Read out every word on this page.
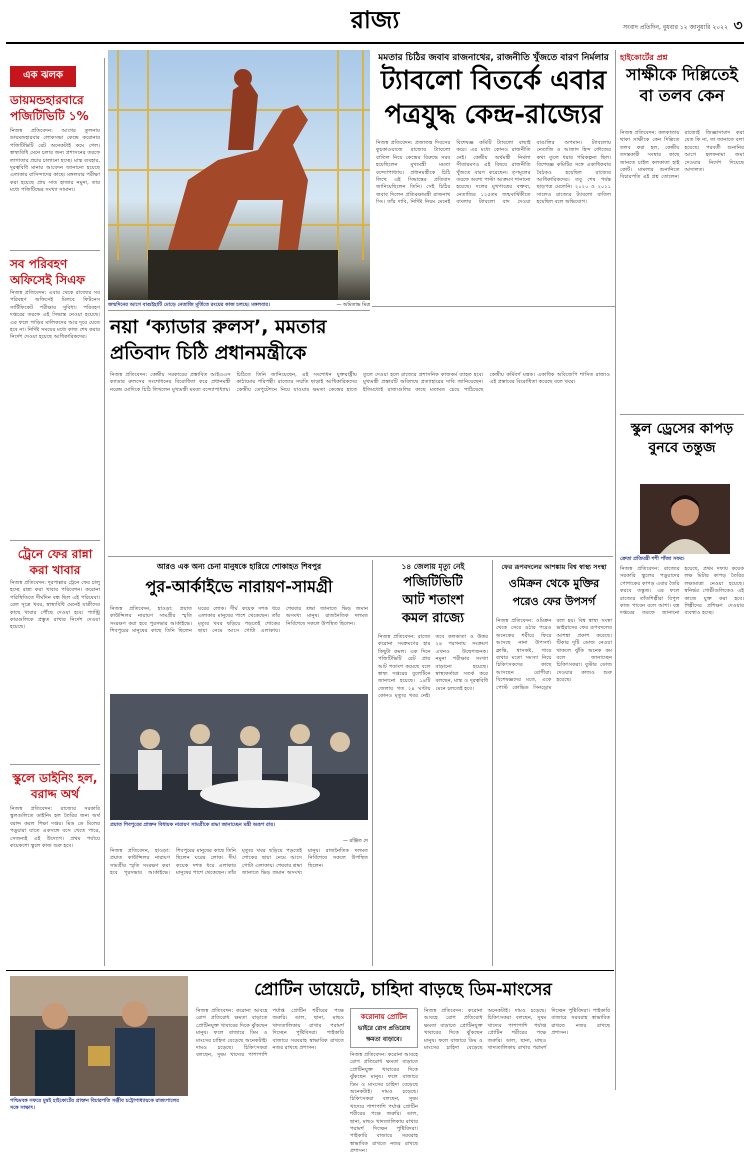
রাজ্য	সংবাদ প্রতিদিন, বুধবার ১২ জানুয়ারি ২০২২ ৩
এক ঝলক
ডায়মন্ডহারবারে পজিটিভিটি ১%
নিজস্ব প্রতিবেদন: আগের তুলনায় ডায়মন্ডহারবার লোকসভা কেন্দ্রে করোনার পজিটিভিটি রেট অনেকটাই কমে গেল। স্বাস্থ্যবিধি মেনে চলার জন্য প্রশাসনের তরফে লাগাতার প্রচার চালানো হচ্ছে। মাস্ক ব্যবহার, দূরত্ববিধি মানার আবেদন জানানো হয়েছে এলাকার বাসিন্দাদের কাছে। মঙ্গলবার পরীক্ষা করা হয়েছে প্রায় সাত হাজার নমুনা, তার মধ্যে পজিটিভের সংখ্যা সামান্য।
সব পরিবহণ অফিসেই সিএফ
নিজস্ব প্রতিবেদন: এবার থেকে রাজ্যের সব পরিবহণ অফিসেই মিলবে ফিটনেস সার্টিফিকেট পরীক্ষার সুবিধা। পরিবহণ দপ্তরের তরফে এই সিদ্ধান্ত নেওয়া হয়েছে। এর ফলে গাড়ির মালিকদের আর দূরে যেতে হবে না। নির্দিষ্ট সময়ের মধ্যে কাজ শেষ করার নির্দেশ দেওয়া হয়েছে আধিকারিকদের।
ট্রেনে ফের রান্না করা খাবার
নিজস্ব প্রতিবেদন: দূরপাল্লার ট্রেনে ফের চালু হচ্ছে রান্না করা খাবার পরিবেশন। করোনা পরিস্থিতিতে দীর্ঘদিন বন্ধ ছিল এই পরিষেবা। রেল সূত্রে খবর, স্বাস্থ্যবিধি মেনেই যাত্রীদের কাছে খাবার পৌঁছে দেওয়া হবে। প্যান্ট্রি কারগুলিকে প্রস্তুত রাখার নির্দেশ দেওয়া হয়েছে।
স্কুলে ডাইনিং হল, বরাদ্দ অর্থ
নিজস্ব প্রতিবেদন: রাজ্যের সরকারি স্কুলগুলিতে ডাইনিং হল তৈরির জন্য অর্থ বরাদ্দ করল শিক্ষা দপ্তর। মিড ডে মিলের পড়ুয়ারা যাতে একসঙ্গে বসে খেতে পারে, সেজন্যই এই উদ্যোগ। প্রথম পর্যায়ে কয়েকশো স্কুলে কাজ শুরু হবে।
জন্মদিনের আগে বাগুইহাটি মোড়ে নেতাজি মূর্তিতে রংয়ের কাজ চলছে। মঙ্গলবার।	— অমিতাভ মিত্র
মমতার চিঠির জবাব রাজনাথের, রাজনীতি খুঁজতে বারণ নির্মলার
ট্যাবলো বিতর্কে এবার
পত্রযুদ্ধ কেন্দ্র-রাজ্যের
নিজস্ব প্রতিবেদন: প্রজাতন্ত্র দিবসের কুচকাওয়াজে রাজ্যের ট্যাবলো বাতিল নিয়ে কেন্দ্রের বিরুদ্ধে সরব হয়েছিলেন মুখ্যমন্ত্রী মমতা বন্দ্যোপাধ্যায়। প্রধানমন্ত্রীকে চিঠি লিখে এই সিদ্ধান্তের প্রতিবাদ জানিয়েছিলেন তিনি। সেই চিঠির জবাব দিলেন প্রতিরক্ষামন্ত্রী রাজনাথ সিং। তাঁর দাবি, নির্দিষ্ট নিয়ম মেনেই বিশেষজ্ঞ কমিটি ট্যাবলো বাছাই করে। এর মধ্যে কোনও রাজনীতি নেই। কেন্দ্রীয় অর্থমন্ত্রী নির্মলা সীতারমণও এই বিষয়ে রাজনীতি খুঁজতে বারণ করেছেন। তৃণমূলের তরফে অবশ্য পাল্টা আক্রমণ শানানো হয়েছে। দলের মুখপাত্রের বক্তব্য, নেতাজির ১২৫তম জন্মবার্ষিকীতে বাংলার ট্যাবলো বাদ দেওয়া বাঙালির অপমান। ট্যাবলোয় নেতাজি ও আজাদ হিন্দ ফৌজের কথা তুলে ধরার পরিকল্পনা ছিল। বিশেষজ্ঞ কমিটির সঙ্গে একাধিকবার বৈঠকও হয়েছিল রাজ্যের আধিকারিকদের। তবু শেষ পর্যন্ত ছাড়পত্র মেলেনি। ২০২০ ও ২০২১ সালেও রাজ্যের ট্যাবলো বাতিল হয়েছিল বলে অভিযোগ।
হাইকোর্টের প্রশ্ন
সাক্ষীকে দিল্লিতেই বা তলব কেন
নিজস্ব প্রতিবেদন: কলকাতায় থাকা সাক্ষীকে কেন দিল্লিতে তলব করা হল, কেন্দ্রীয় তদন্তকারী সংস্থার কাছে জানতে চাইল কলকাতা হাই কোর্ট। মামলার শুনানিতে বিচারপতি এই প্রশ্ন তোলেন। রাজ্যেই জিজ্ঞাসাবাদ করা যেত কি না, তা জানাতে বলা হয়েছে। পরবর্তী শুনানির আগে হলফনামা জমা দেওয়ার নির্দেশ দিয়েছে আদালত।
স্কুল ড্রেসের কাপড় বুনবে তন্তুজ
ক্রেতা প্রতিমন্ত্রী শশী পাঁজা সফর।
নিজস্ব প্রতিবেদন: রাজ্যের সরকারি স্কুলের পড়ুয়াদের পোশাকের কাপড় এবার তৈরি করবে তন্তুজ। এর ফলে রাজ্যের তাঁতশিল্পীরা বিপুল কাজ পাবেন বলে আশা। বস্ত্র দপ্তরের তরফে জানানো হয়েছে, প্রথম দফায় কয়েক লক্ষ মিটার কাপড় তৈরির লক্ষ্যমাত্রা নেওয়া হয়েছে। স্বনির্ভর গোষ্ঠীগুলিকেও এই কাজে যুক্ত করা হবে। শিল্পীদের প্রশিক্ষণ দেওয়ার ব্যবস্থাও হচ্ছে।
নয়া ‘ক্যাডার রুলস’, মমতার
প্রতিবাদ চিঠি প্রধানমন্ত্রীকে
নিজস্ব প্রতিবেদন: কেন্দ্রীয় সরকারের প্রস্তাবিত আইএএস ক্যাডার রুলসের সংশোধনের বিরোধিতা করে প্রধানমন্ত্রী নরেন্দ্র মোদিকে চিঠি লিখলেন মুখ্যমন্ত্রী মমতা বন্দ্যোপাধ্যায়। চিঠিতে তিনি জানিয়েছেন, এই সংশোধন যুক্তরাষ্ট্রীয় কাঠামোর পরিপন্থী। রাজ্যের সম্মতি ছাড়াই আধিকারিকদের কেন্দ্রীয় ডেপুটেশনে নিয়ে যাওয়ার ক্ষমতা কেন্দ্রের হাতে তুলে দেওয়া হলে রাজ্যের প্রশাসনিক কাজকর্ম ব্যাহত হবে। মুখ্যমন্ত্রী প্রস্তাবটি অবিলম্বে প্রত্যাহারের দাবি জানিয়েছেন। ইতিমধ্যেই রাজ্যগুলির কাছে মতামত চেয়ে পাঠিয়েছে কেন্দ্রীয় কর্মিবর্গ মন্ত্রক। একাধিক অবিজেপি শাসিত রাজ্যও এই প্রস্তাবের বিরোধিতা করেছে বলে খবর।
আরও এক অন্য চেনা মানুষকে হারিয়ে শোকাহত শিবপুর
পুর-আর্কাইভে নারায়ণ-সামগ্রী
নিজস্ব প্রতিবেদন, হাওড়া: প্রয়াত কাউন্সিলর নারায়ণ সামগ্রীর স্মৃতি সংরক্ষণ করা হবে পুরসভার আর্কাইভে। শিবপুরের মানুষের কাছে তিনি ছিলেন ঘরের লোক। দীর্ঘ কয়েক দশক ধরে এলাকার মানুষের পাশে থেকেছেন। তাঁর মৃত্যুর খবর ছড়িয়ে পড়তেই শোকের ছায়া নেমে আসে গোটা এলাকায়। শেষবার শ্রদ্ধা জানাতে ভিড় জমান অসংখ্য মানুষ। রাজনৈতিক দলমত নির্বিশেষে সকলে উপস্থিত ছিলেন।
প্রয়াত শিবপুরের প্রাক্তন বিধায়ক নারায়ণ সামগ্রীকে শ্রদ্ধা জানাচ্ছেন মন্ত্রী অরূপ রায়।
— রঞ্জিত দে
নিজস্ব প্রতিবেদন, হাওড়া: প্রয়াত কাউন্সিলর নারায়ণ সামগ্রীর স্মৃতি সংরক্ষণ করা হবে পুরসভার আর্কাইভে। শিবপুরের মানুষের কাছে তিনি ছিলেন ঘরের লোক। দীর্ঘ কয়েক দশক ধরে এলাকার মানুষের পাশে থেকেছেন। তাঁর মৃত্যুর খবর ছড়িয়ে পড়তেই শোকের ছায়া নেমে আসে গোটা এলাকায়। শেষবার শ্রদ্ধা জানাতে ভিড় জমান অসংখ্য মানুষ। রাজনৈতিক দলমত নির্বিশেষে সকলে উপস্থিত ছিলেন।
১৪ জেলায় মৃত্যু নেই
পজিটিভিটি
আট শতাংশ
কমল রাজ্যে
নিজস্ব প্রতিবেদন: রাজ্যে করোনা সংক্রমণের হার কিছুটা কমল। এক দিনে পজিটিভিটি রেট প্রায় আট শতাংশ কমেছে বলে স্বাস্থ্য দপ্তরের বুলেটিনে জানানো হয়েছে। ১৪টি জেলায় গত ২৪ ঘণ্টায় কোনও মৃত্যুর খবর নেই। তবে কলকাতা ও উত্তর ২৪ পরগনায় সংক্রমণ এখনও উদ্বেগজনক। নমুনা পরীক্ষার সংখ্যা বাড়ানো হয়েছে। স্বাস্থ্যকর্তারা সতর্ক করে বলছেন, মাস্ক ও দূরত্ববিধি মেনে চলতেই হবে।
ফের রূপবদলের আশঙ্কায় বিশ্ব স্বাস্থ্য সংস্থা
ওমিক্রন থেকে মুক্তির
পরেও ফের উপসর্গ
নিজস্ব প্রতিবেদন: ওমিক্রন থেকে সেরে ওঠার পরেও অনেকের শরীরে ফিরে আসছে নানা উপসর্গ। ক্লান্তি, শ্বাসকষ্ট, গায়ে ব্যথার মতো সমস্যা নিয়ে চিকিৎসকদের কাছে আসছেন রোগীরা। বিশেষজ্ঞদের মতে, একে পোস্ট কোভিড সিনড্রোম বলা হয়। বিশ্ব স্বাস্থ্য সংস্থা ভাইরাসের ফের রূপবদলের আশঙ্কা প্রকাশ করেছে। টিকার দুটি ডোজ নেওয়া থাকলে ঝুঁকি অনেক কম বলে জানাচ্ছেন চিকিৎসকরা। বুস্টার ডোজ দেওয়ার কাজও শুরু হয়েছে।
পশ্চিমবঙ্গ সফরে মুম্বই হাইকোর্টের প্রাক্তন বিচারপতি সঞ্জীব চট্টোপাধ্যায়কে রাজ্যপালের সঙ্গে সাক্ষাৎ।
প্রোটিন ডায়েটে, চাহিদা বাড়ছে ডিম-মাংসের
নিজস্ব প্রতিবেদন: করোনা আবহে রোগ প্রতিরোধ ক্ষমতা বাড়াতে প্রোটিনযুক্ত খাবারের দিকে ঝুঁকছেন মানুষ। ফলে বাজারে ডিম ও মাংসের চাহিদা বেড়েছে অনেকটাই। দামও চড়েছে। চিকিৎসকরা বলছেন, সুষম খাদ্যের পাশাপাশি পর্যাপ্ত প্রোটিন শরীরের পক্ষে জরুরি। ডাল, ছানা, মাছও খাদ্যতালিকায় রাখার পরামর্শ দিচ্ছেন পুষ্টিবিদরা। পাইকারি বাজারে সরবরাহ স্বাভাবিক রাখতে নজর রাখছে প্রশাসন।
করোনায় প্রোটিন
ভাইরে রোগ প্রতিরোধ
ক্ষমতা বাড়াবে।
নিজস্ব প্রতিবেদন: করোনা আবহে রোগ প্রতিরোধ ক্ষমতা বাড়াতে প্রোটিনযুক্ত খাবারের দিকে ঝুঁকছেন মানুষ। ফলে বাজারে ডিম ও মাংসের চাহিদা বেড়েছে অনেকটাই। দামও চড়েছে। চিকিৎসকরা বলছেন, সুষম খাদ্যের পাশাপাশি পর্যাপ্ত প্রোটিন শরীরের পক্ষে জরুরি। ডাল, ছানা, মাছও খাদ্যতালিকায় রাখার পরামর্শ দিচ্ছেন পুষ্টিবিদরা। পাইকারি বাজারে সরবরাহ স্বাভাবিক রাখতে নজর রাখছে প্রশাসন।
নিজস্ব প্রতিবেদন: করোনা আবহে রোগ প্রতিরোধ ক্ষমতা বাড়াতে প্রোটিনযুক্ত খাবারের দিকে ঝুঁকছেন মানুষ। ফলে বাজারে ডিম ও মাংসের চাহিদা বেড়েছে অনেকটাই। দামও চড়েছে। চিকিৎসকরা বলছেন, সুষম খাদ্যের পাশাপাশি পর্যাপ্ত প্রোটিন শরীরের পক্ষে জরুরি। ডাল, ছানা, মাছও খাদ্যতালিকায় রাখার পরামর্শ দিচ্ছেন পুষ্টিবিদরা। পাইকারি বাজারে সরবরাহ স্বাভাবিক রাখতে নজর রাখছে প্রশাসন।
